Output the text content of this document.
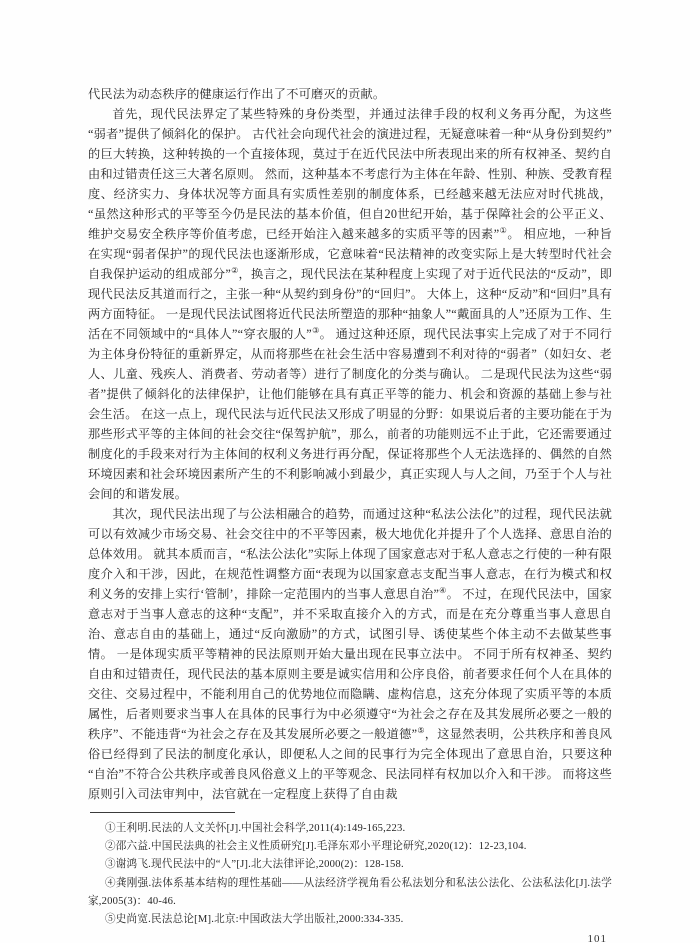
代民法为动态秩序的健康运行作出了不可磨灭的贡献。

首先，现代民法界定了某些特殊的身份类型，并通过法律手段的权利义务再分配，为这些“弱者”提供了倾斜化的保护。 古代社会向现代社会的演进过程，无疑意味着一种“从身份到契约”的巨大转换，这种转换的一个直接体现，莫过于在近代民法中所表现出来的所有权神圣、契约自由和过错责任这三大著名原则。 然而，这种基本不考虑行为主体在年龄、性别、种族、受教育程度、经济实力、身体状况等方面具有实质性差别的制度体系，已经越来越无法应对时代挑战，“虽然这种形式的平等至今仍是民法的基本价值，但自20世纪开始，基于保障社会的公平正义、维护交易安全秩序等价值考虑，已经开始注入越来越多的实质平等的因素”①。 相应地，一种旨在实现“弱者保护”的现代民法也逐渐形成，它意味着“民法精神的改变实际上是大转型时代社会自我保护运动的组成部分”②，换言之，现代民法在某种程度上实现了对于近代民法的“反动”，即现代民法反其道而行之，主张一种“从契约到身份”的“回归”。 大体上，这种“反动”和“回归”具有两方面特征。 一是现代民法试图将近代民法所塑造的那种“抽象人”“戴面具的人”还原为工作、生活在不同领域中的“具体人”“穿衣服的人”③。 通过这种还原，现代民法事实上完成了对于不同行为主体身份特征的重新界定，从而将那些在社会生活中容易遭到不利对待的“弱者”（如妇女、老人、儿童、残疾人、消费者、劳动者等）进行了制度化的分类与确认。 二是现代民法为这些“弱者”提供了倾斜化的法律保护，让他们能够在具有真正平等的能力、机会和资源的基础上参与社会生活。 在这一点上，现代民法与近代民法又形成了明显的分野：如果说后者的主要功能在于为那些形式平等的主体间的社会交往“保驾护航”，那么，前者的功能则远不止于此，它还需要通过制度化的手段来对行为主体间的权利义务进行再分配，保证将那些个人无法选择的、偶然的自然环境因素和社会环境因素所产生的不利影响减小到最少，真正实现人与人之间，乃至于个人与社会间的和谐发展。

其次，现代民法出现了与公法相融合的趋势，而通过这种“私法公法化”的过程，现代民法就可以有效减少市场交易、社会交往中的不平等因素，极大地优化并提升了个人选择、意思自治的总体效用。 就其本质而言，“私法公法化”实际上体现了国家意志对于私人意志之行使的一种有限度介入和干涉，因此，在规范性调整方面“表现为以国家意志支配当事人意志，在行为模式和权利义务的安排上实行‘管制’，排除一定范围内的当事人意思自治”④。 不过，在现代民法中，国家意志对于当事人意志的这种“支配”，并不采取直接介入的方式，而是在充分尊重当事人意思自治、意志自由的基础上，通过“反向激励”的方式，试图引导、诱使某些个体主动不去做某些事情。 一是体现实质平等精神的民法原则开始大量出现在民事立法中。 不同于所有权神圣、契约自由和过错责任，现代民法的基本原则主要是诚实信用和公序良俗，前者要求任何个人在具体的交往、交易过程中，不能利用自己的优势地位而隐瞒、虚构信息，这充分体现了实质平等的本质属性，后者则要求当事人在具体的民事行为中必须遵守“为社会之存在及其发展所必要之一般的秩序”、不能违背“为社会之存在及其发展所必要之一般道德”⑤，这显然表明，公共秩序和善良风俗已经得到了民法的制度化承认，即便私人之间的民事行为完全体现出了意思自治，只要这种“自治”不符合公共秩序或善良风俗意义上的平等观念、民法同样有权加以介入和干涉。 而将这些原则引入司法审判中，法官就在一定程度上获得了自由裁

①王利明.民法的人文关怀[J].中国社会科学,2011(4):149-165,223.

②邵六益.中国民法典的社会主义性质研究[J].毛泽东邓小平理论研究,2020(12)：12-23,104.

③谢鸿飞.现代民法中的“人”[J].北大法律评论,2000(2)：128-158.

④龚刚强.法体系基本结构的理性基础——从法经济学视角看公私法划分和私法公法化、公法私法化[J].法学家,2005(3)：40-46.

⑤史尚宽.民法总论[M].北京:中国政法大学出版社,2000:334-335.

101
